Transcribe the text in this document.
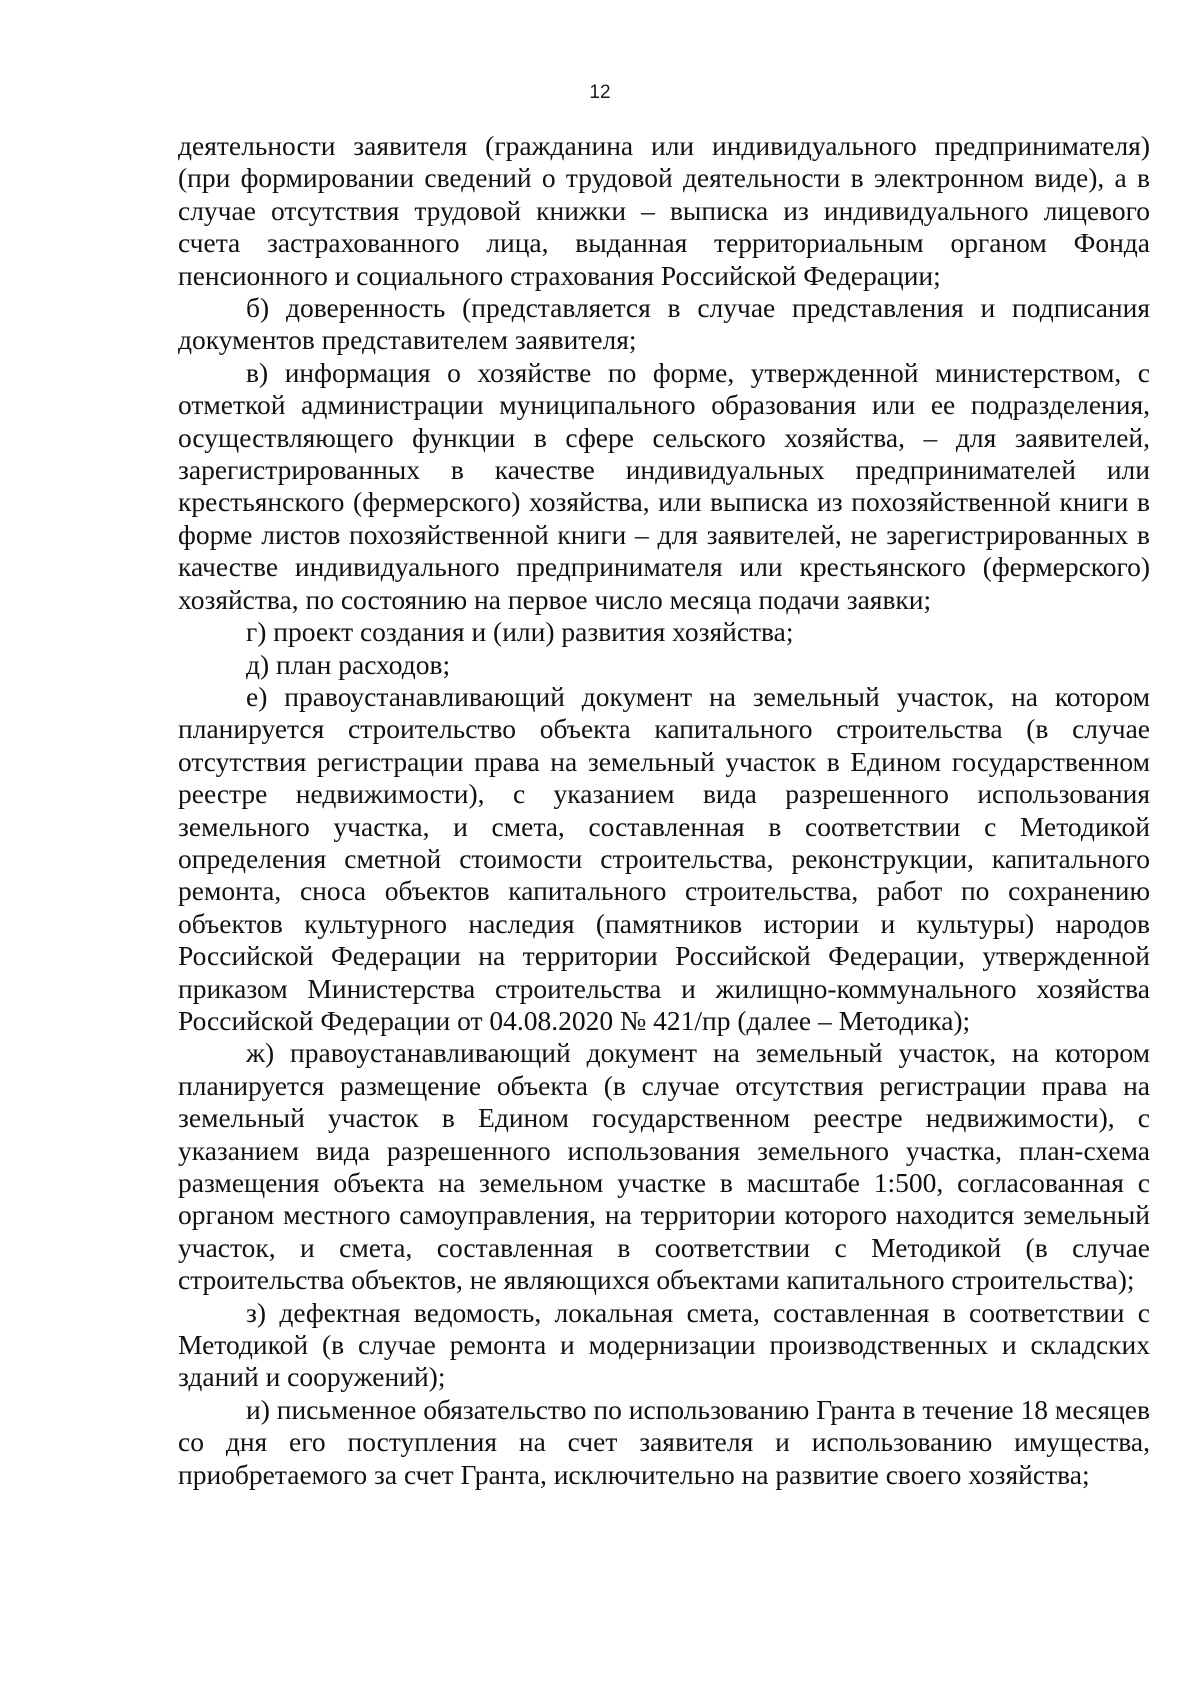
12

деятельности заявителя (гражданина или индивидуального предпринимателя) (при формировании сведений о трудовой деятельности в электронном виде), а в случае отсутствия трудовой книжки – выписка из индивидуального лицевого счета застрахованного лица, выданная территориальным органом Фонда пенсионного и социального страхования Российской Федерации;

б) доверенность (представляется в случае представления и подписания документов представителем заявителя;

в) информация о хозяйстве по форме, утвержденной министерством, с отметкой администрации муниципального образования или ее подразделения, осуществляющего функции в сфере сельского хозяйства, – для заявителей, зарегистрированных в качестве индивидуальных предпринимателей или крестьянского (фермерского) хозяйства, или выписка из похозяйственной книги в форме листов похозяйственной книги – для заявителей, не зарегистрированных в качестве индивидуального предпринимателя или крестьянского (фермерского) хозяйства, по состоянию на первое число месяца подачи заявки;

г) проект создания и (или) развития хозяйства;

д) план расходов;

е) правоустанавливающий документ на земельный участок, на котором планируется строительство объекта капитального строительства (в случае отсутствия регистрации права на земельный участок в Едином государственном реестре недвижимости), с указанием вида разрешенного использования земельного участка, и смета, составленная в соответствии с Методикой определения сметной стоимости строительства, реконструкции, капитального ремонта, сноса объектов капитального строительства, работ по сохранению объектов культурного наследия (памятников истории и культуры) народов Российской Федерации на территории Российской Федерации, утвержденной приказом Министерства строительства и жилищно-коммунального хозяйства Российской Федерации от 04.08.2020 № 421/пр (далее – Методика);

ж) правоустанавливающий документ на земельный участок, на котором планируется размещение объекта (в случае отсутствия регистрации права на земельный участок в Едином государственном реестре недвижимости), с указанием вида разрешенного использования земельного участка, план-схема размещения объекта на земельном участке в масштабе 1:500, согласованная с органом местного самоуправления, на территории которого находится земельный участок, и смета, составленная в соответствии с Методикой (в случае строительства объектов, не являющихся объектами капитального строительства);

з) дефектная ведомость, локальная смета, составленная в соответствии с Методикой (в случае ремонта и модернизации производственных и складских зданий и сооружений);

и) письменное обязательство по использованию Гранта в течение 18 месяцев со дня его поступления на счет заявителя и использованию имущества, приобретаемого за счет Гранта, исключительно на развитие своего хозяйства;
